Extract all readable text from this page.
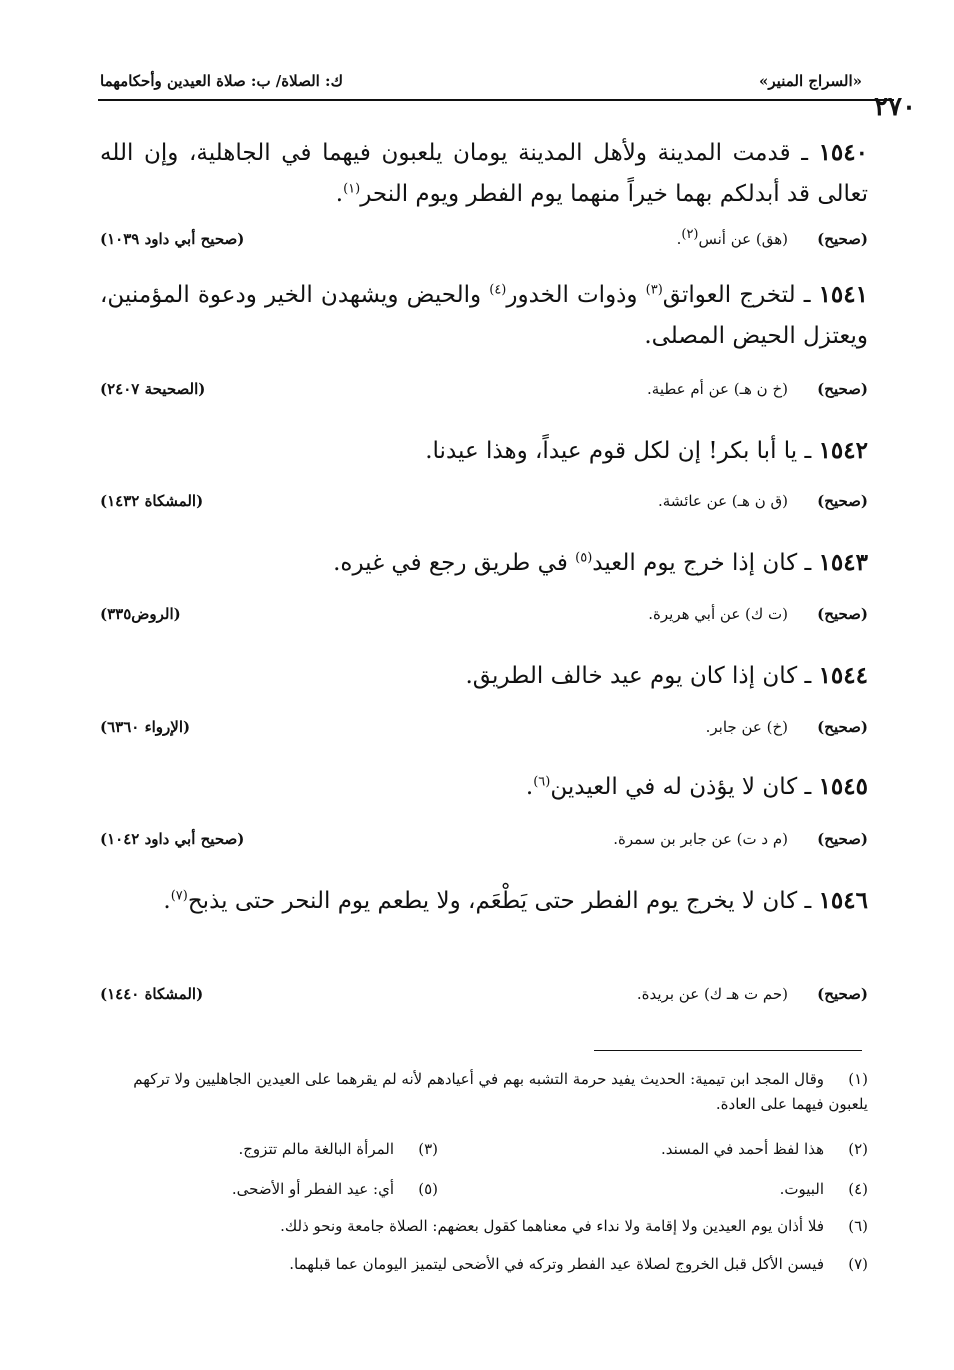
٢٧٠
«السراج المنير»
ك: الصلاة/ ب: صلاة العيدين وأحكامهما

١٥٤٠ ـ قدمت المدينة ولأهل المدينة يومان يلعبون فيهما في الجاهلية، وإن الله تعالى قد أبدلكم بهما خيراً منهما يوم الفطر ويوم النحر$^{(١)}$.

(صحيح)
(هق) عن أنس(٢).
(صحيح أبي داود ١٠٣٩)

١٥٤١ ـ لتخرج العواتق$^{(٣)}$ وذوات الخدور$^{(٤)}$ والحيض ويشهدن الخير ودعوة المؤمنين، ويعتزل الحيض المصلى.

(صحيح)
(خ ن هـ) عن أم عطية.
(الصحيحة ٢٤٠٧)

١٥٤٢ ـ يا أبا بكر! إن لكل قوم عيداً، وهذا عيدنا.

(صحيح)
(ق ن هـ) عن عائشة.
(المشكاة ١٤٣٢)

١٥٤٣ ـ كان إذا خرج يوم العيد$^{(٥)}$ في طريق رجع في غيره.

(صحيح)
(ت ك) عن أبي هريرة.
(الروض٣٣٥)

١٥٤٤ ـ كان إذا كان يوم عيد خالف الطريق.

(صحيح)
(خ) عن جابر.
(الإرواء ٦٣٦٠)

١٥٤٥ ـ كان لا يؤذن له في العيدين$^{(٦)}$.

(صحيح)
(م د ت) عن جابر بن سمرة.
(صحيح أبي داود ١٠٤٢)

١٥٤٦ ـ كان لا يخرج يوم الفطر حتى يَطْعَم، ولا يطعم يوم النحر حتى يذبح$^{(٧)}$.

(صحيح)
(حم ت هـ ك) عن بريدة.
(المشكاة ١٤٤٠)
(١)وقال المجد ابن تيمية: الحديث يفيد حرمة التشبه بهم في أعيادهم لأنه لم يقرهما على العيدين الجاهليين ولا تركهم يلعبون فيهما على العادة.
(٢)هذا لفظ أحمد في المسند.
(٣)المرأة البالغة مالم تتزوج.
(٤)البيوت.
(٥)أي: عيد الفطر أو الأضحى.
(٦)فلا أذان يوم العيدين ولا إقامة ولا نداء في معناهما كقول بعضهم: الصلاة جامعة ونحو ذلك.
(٧)فيسن الأكل قبل الخروج لصلاة عيد الفطر وتركه في الأضحى ليتميز اليومان عما قبلهما.
